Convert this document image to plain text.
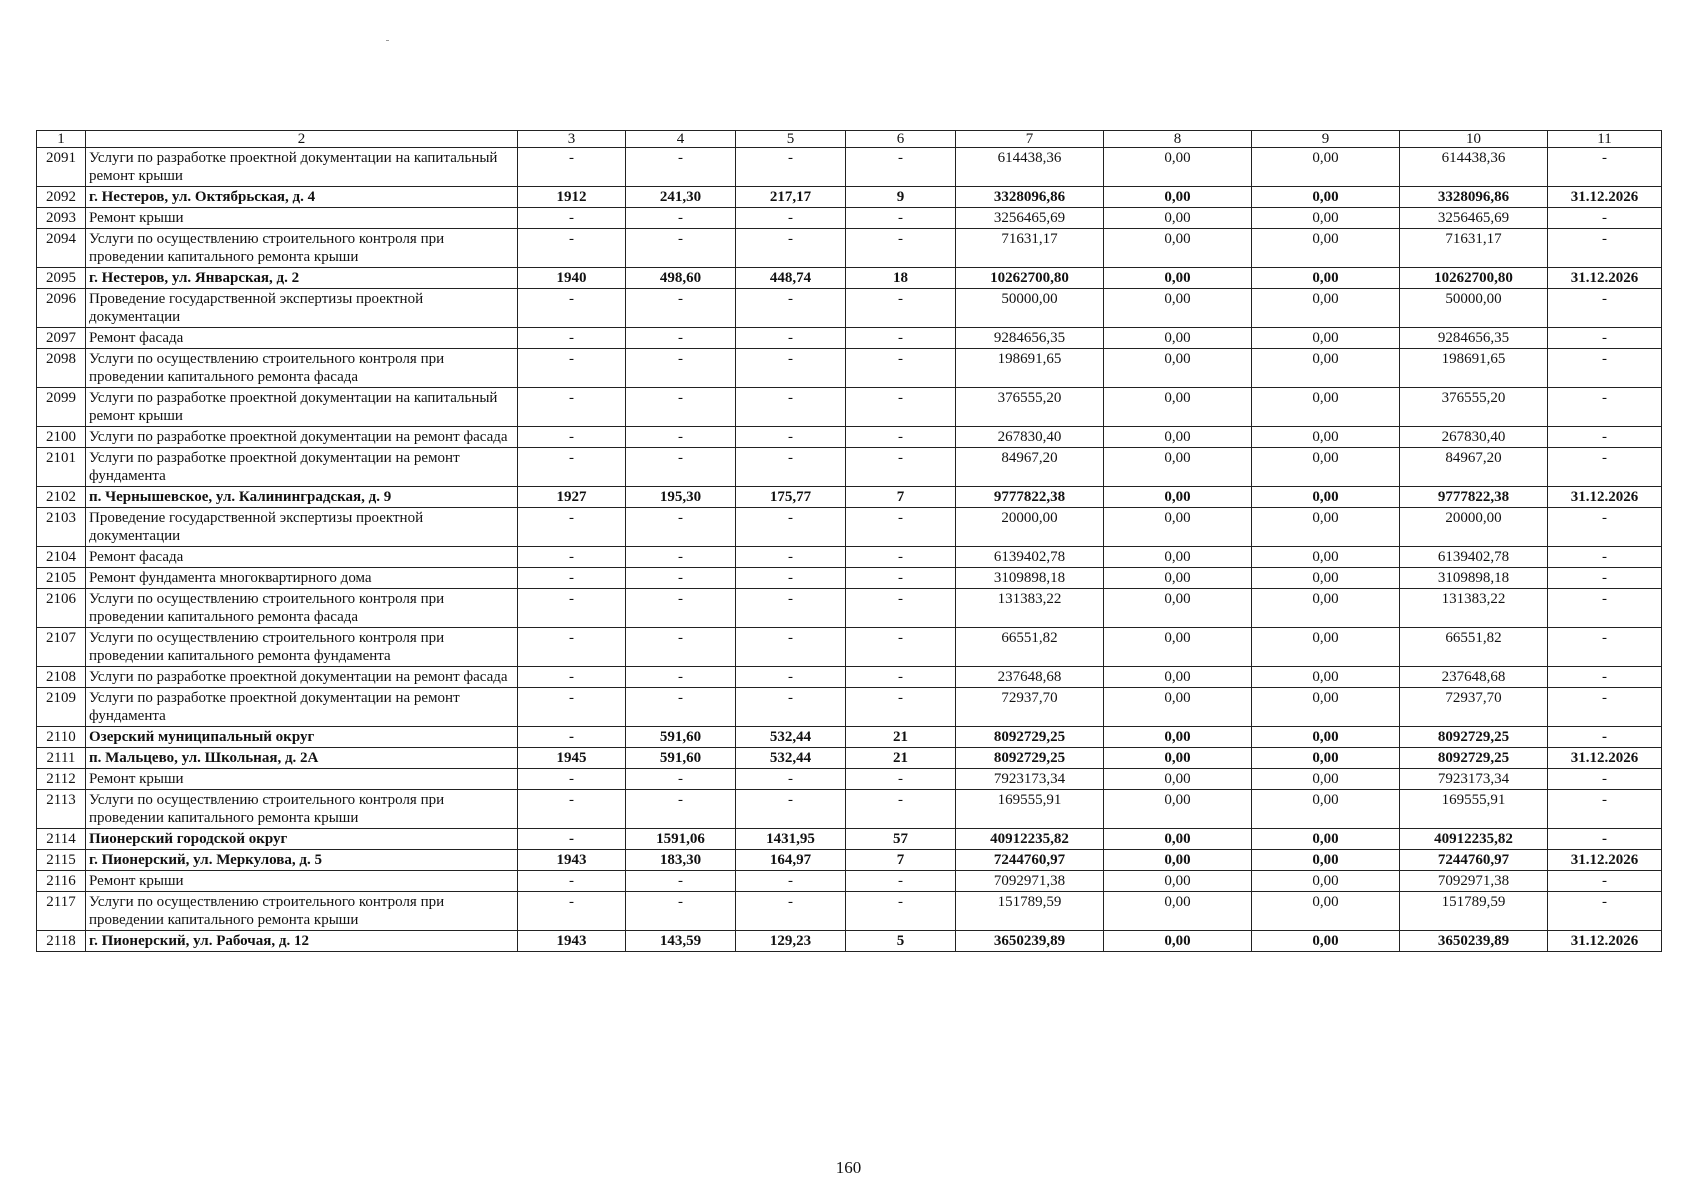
1	2	3	4	5	6	7	8	9	10	11
2091	Услуги по разработке проектной документации на капитальный ремонт крыши	-	-	-	-	614438,36	0,00	0,00	614438,36	-
2092	г. Нестеров, ул. Октябрьская, д. 4	1912	241,30	217,17	9	3328096,86	0,00	0,00	3328096,86	31.12.2026
2093	Ремонт крыши	-	-	-	-	3256465,69	0,00	0,00	3256465,69	-
2094	Услуги по осуществлению строительного контроля при проведении капитального ремонта крыши	-	-	-	-	71631,17	0,00	0,00	71631,17	-
2095	г. Нестеров, ул. Январская, д. 2	1940	498,60	448,74	18	10262700,80	0,00	0,00	10262700,80	31.12.2026
2096	Проведение государственной экспертизы проектной документации	-	-	-	-	50000,00	0,00	0,00	50000,00	-
2097	Ремонт фасада	-	-	-	-	9284656,35	0,00	0,00	9284656,35	-
2098	Услуги по осуществлению строительного контроля при проведении капитального ремонта фасада	-	-	-	-	198691,65	0,00	0,00	198691,65	-
2099	Услуги по разработке проектной документации на капитальный ремонт крыши	-	-	-	-	376555,20	0,00	0,00	376555,20	-
2100	Услуги по разработке проектной документации на ремонт фасада	-	-	-	-	267830,40	0,00	0,00	267830,40	-
2101	Услуги по разработке проектной документации на ремонт фундамента	-	-	-	-	84967,20	0,00	0,00	84967,20	-
2102	п. Чернышевское, ул. Калининградская, д. 9	1927	195,30	175,77	7	9777822,38	0,00	0,00	9777822,38	31.12.2026
2103	Проведение государственной экспертизы проектной документации	-	-	-	-	20000,00	0,00	0,00	20000,00	-
2104	Ремонт фасада	-	-	-	-	6139402,78	0,00	0,00	6139402,78	-
2105	Ремонт фундамента многоквартирного дома	-	-	-	-	3109898,18	0,00	0,00	3109898,18	-
2106	Услуги по осуществлению строительного контроля при проведении капитального ремонта фасада	-	-	-	-	131383,22	0,00	0,00	131383,22	-
2107	Услуги по осуществлению строительного контроля при проведении капитального ремонта фундамента	-	-	-	-	66551,82	0,00	0,00	66551,82	-
2108	Услуги по разработке проектной документации на ремонт фасада	-	-	-	-	237648,68	0,00	0,00	237648,68	-
2109	Услуги по разработке проектной документации на ремонт фундамента	-	-	-	-	72937,70	0,00	0,00	72937,70	-
2110	Озерский муниципальный округ	-	591,60	532,44	21	8092729,25	0,00	0,00	8092729,25	-
2111	п. Мальцево, ул. Школьная, д. 2А	1945	591,60	532,44	21	8092729,25	0,00	0,00	8092729,25	31.12.2026
2112	Ремонт крыши	-	-	-	-	7923173,34	0,00	0,00	7923173,34	-
2113	Услуги по осуществлению строительного контроля при проведении капитального ремонта крыши	-	-	-	-	169555,91	0,00	0,00	169555,91	-
2114	Пионерский городской округ	-	1591,06	1431,95	57	40912235,82	0,00	0,00	40912235,82	-
2115	г. Пионерский, ул. Меркулова, д. 5	1943	183,30	164,97	7	7244760,97	0,00	0,00	7244760,97	31.12.2026
2116	Ремонт крыши	-	-	-	-	7092971,38	0,00	0,00	7092971,38	-
2117	Услуги по осуществлению строительного контроля при проведении капитального ремонта крыши	-	-	-	-	151789,59	0,00	0,00	151789,59	-
2118	г. Пионерский, ул. Рабочая, д. 12	1943	143,59	129,23	5	3650239,89	0,00	0,00	3650239,89	31.12.2026
160
